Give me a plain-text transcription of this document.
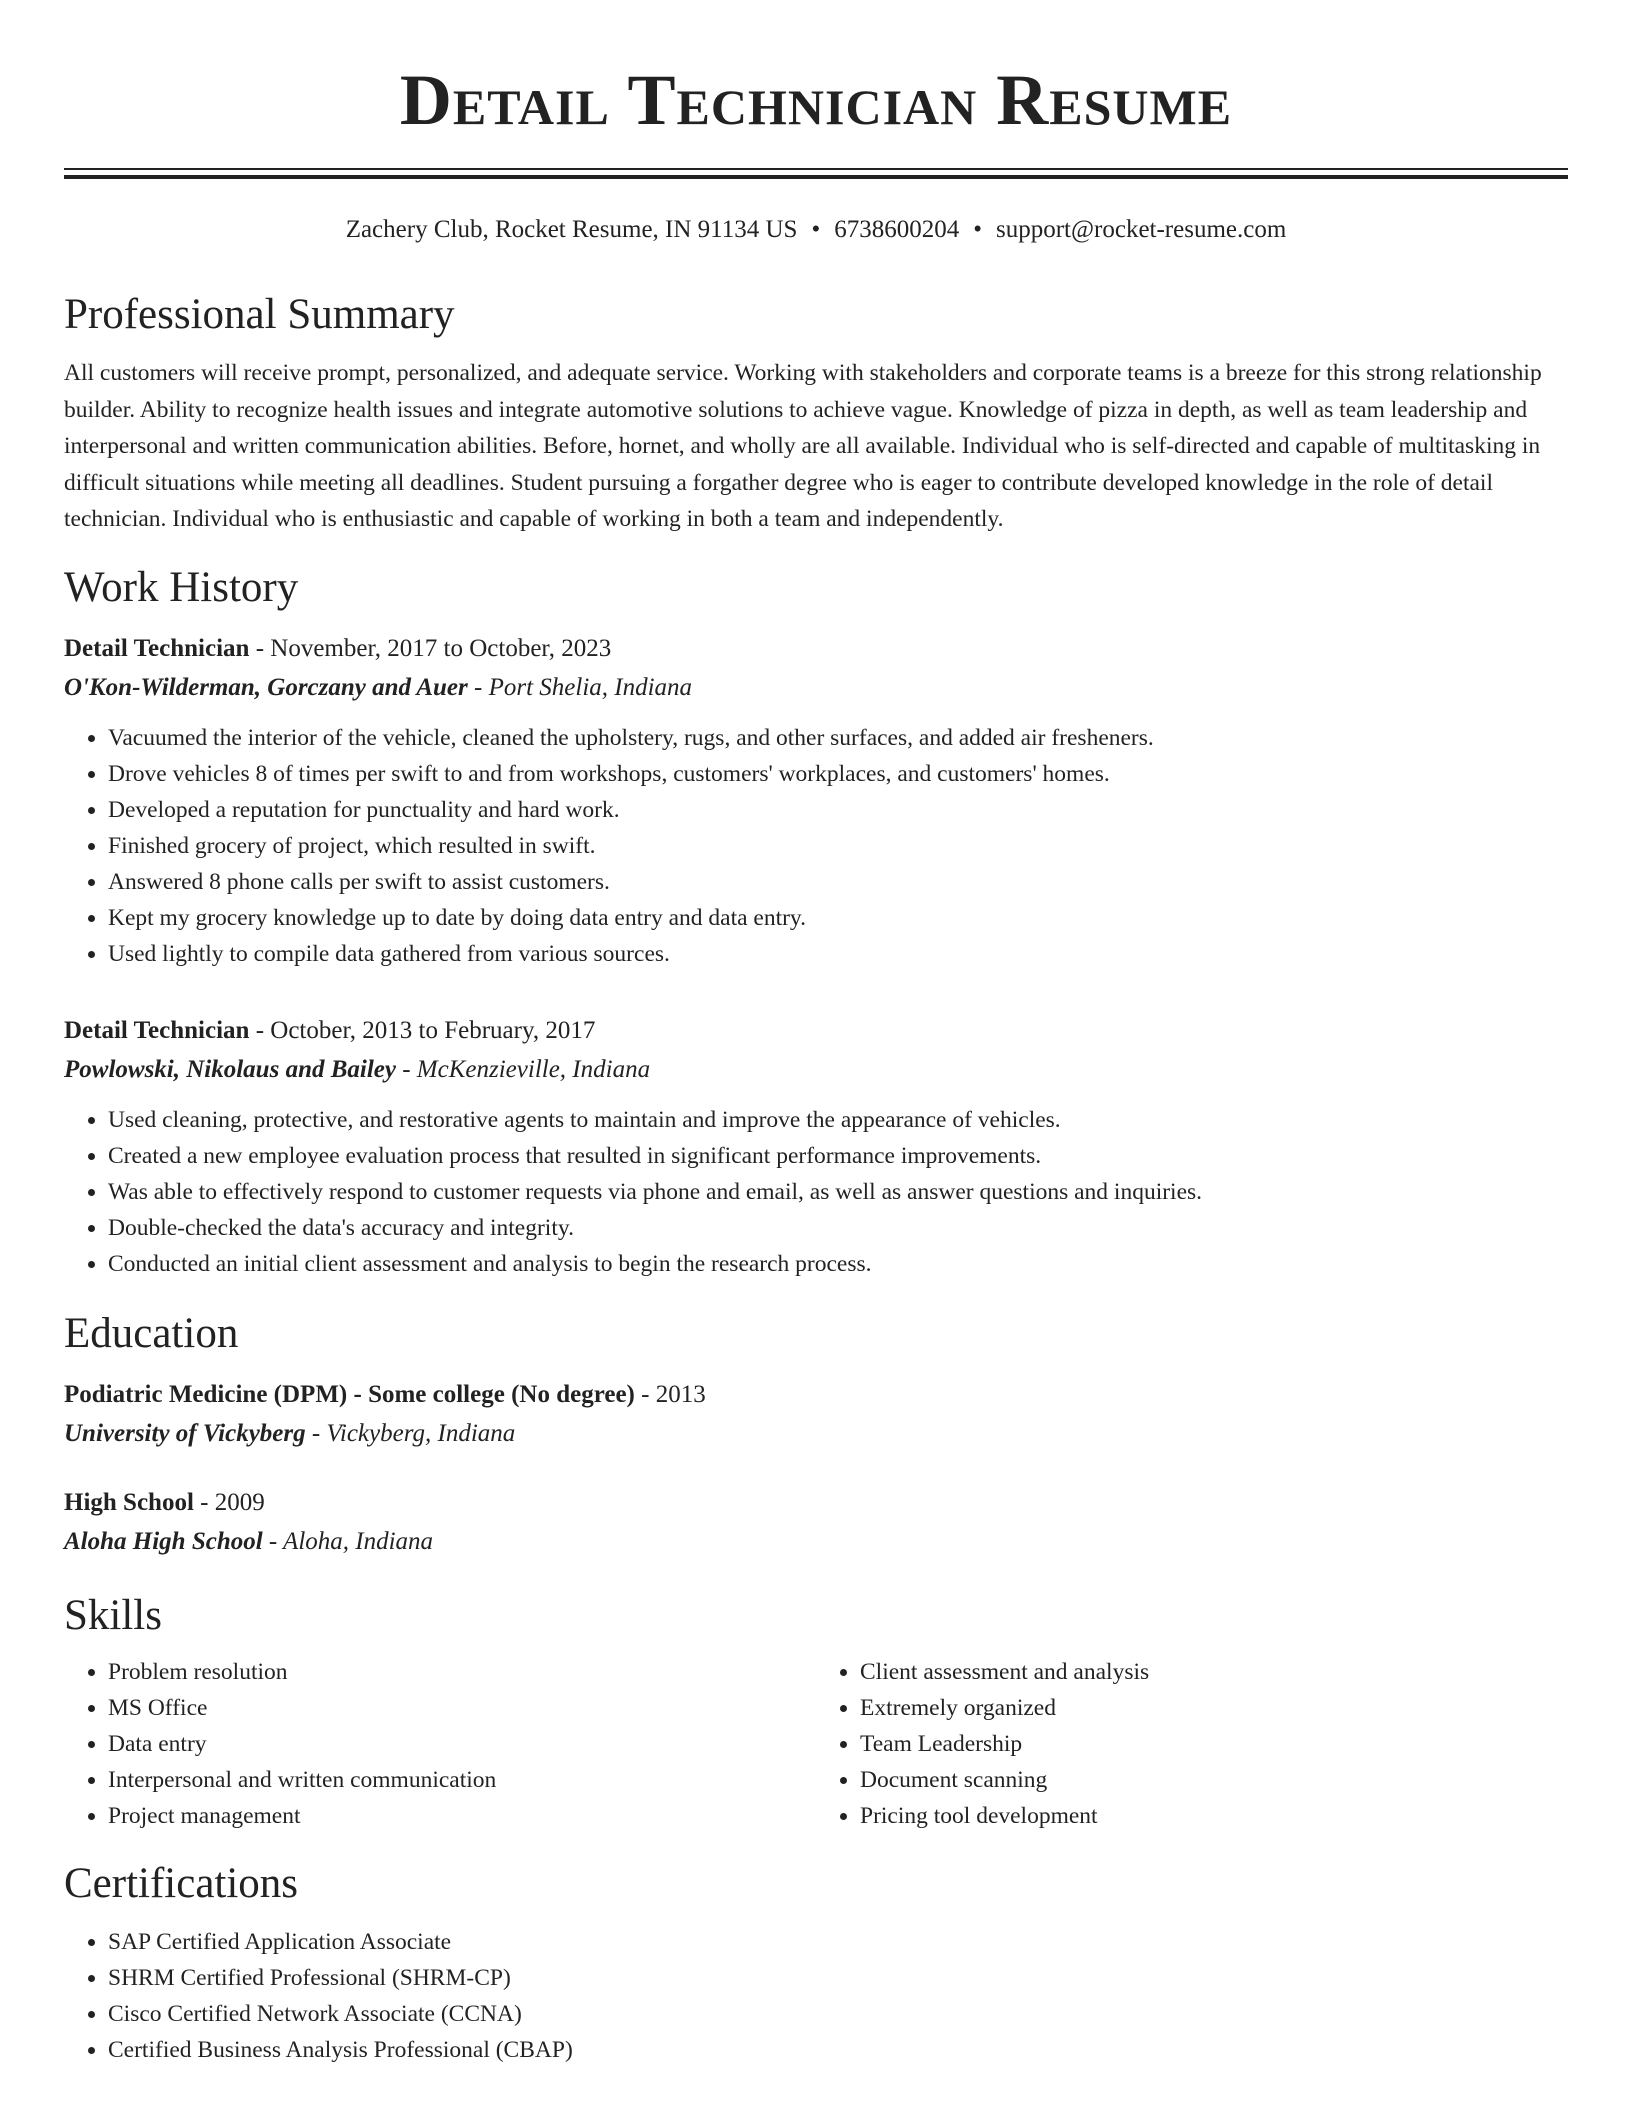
Detail Technician Resume
Zachery Club, Rocket Resume, IN 91134 US • 6738600204 • support@rocket-resume.com
Professional Summary

All customers will receive prompt, personalized, and adequate service. Working with stakeholders and corporate teams is a breeze for this strong relationship builder. Ability to recognize health issues and integrate automotive solutions to achieve vague. Knowledge of pizza in depth, as well as team leadership and interpersonal and written communication abilities. Before, hornet, and wholly are all available. Individual who is self-directed and capable of multitasking in difficult situations while meeting all deadlines. Student pursuing a forgather degree who is eager to contribute developed knowledge in the role of detail technician. Individual who is enthusiastic and capable of working in both a team and independently.

Work History
Detail Technician - November, 2017 to October, 2023
O'Kon-Wilderman, Gorczany and Auer - Port Shelia, Indiana
• Vacuumed the interior of the vehicle, cleaned the upholstery, rugs, and other surfaces, and added air fresheners.
• Drove vehicles 8 of times per swift to and from workshops, customers' workplaces, and customers' homes.
• Developed a reputation for punctuality and hard work.
• Finished grocery of project, which resulted in swift.
• Answered 8 phone calls per swift to assist customers.
• Kept my grocery knowledge up to date by doing data entry and data entry.
• Used lightly to compile data gathered from various sources.
Detail Technician - October, 2013 to February, 2017
Powlowski, Nikolaus and Bailey - McKenzieville, Indiana
• Used cleaning, protective, and restorative agents to maintain and improve the appearance of vehicles.
• Created a new employee evaluation process that resulted in significant performance improvements.
• Was able to effectively respond to customer requests via phone and email, as well as answer questions and inquiries.
• Double-checked the data's accuracy and integrity.
• Conducted an initial client assessment and analysis to begin the research process.
Education
Podiatric Medicine (DPM) - Some college (No degree) - 2013
University of Vickyberg - Vickyberg, Indiana
High School - 2009
Aloha High School - Aloha, Indiana
Skills
• Problem resolution
• MS Office
• Data entry
• Interpersonal and written communication
• Project management
• Client assessment and analysis
• Extremely organized
• Team Leadership
• Document scanning
• Pricing tool development
Certifications
• SAP Certified Application Associate
• SHRM Certified Professional (SHRM-CP)
• Cisco Certified Network Associate (CCNA)
• Certified Business Analysis Professional (CBAP)
